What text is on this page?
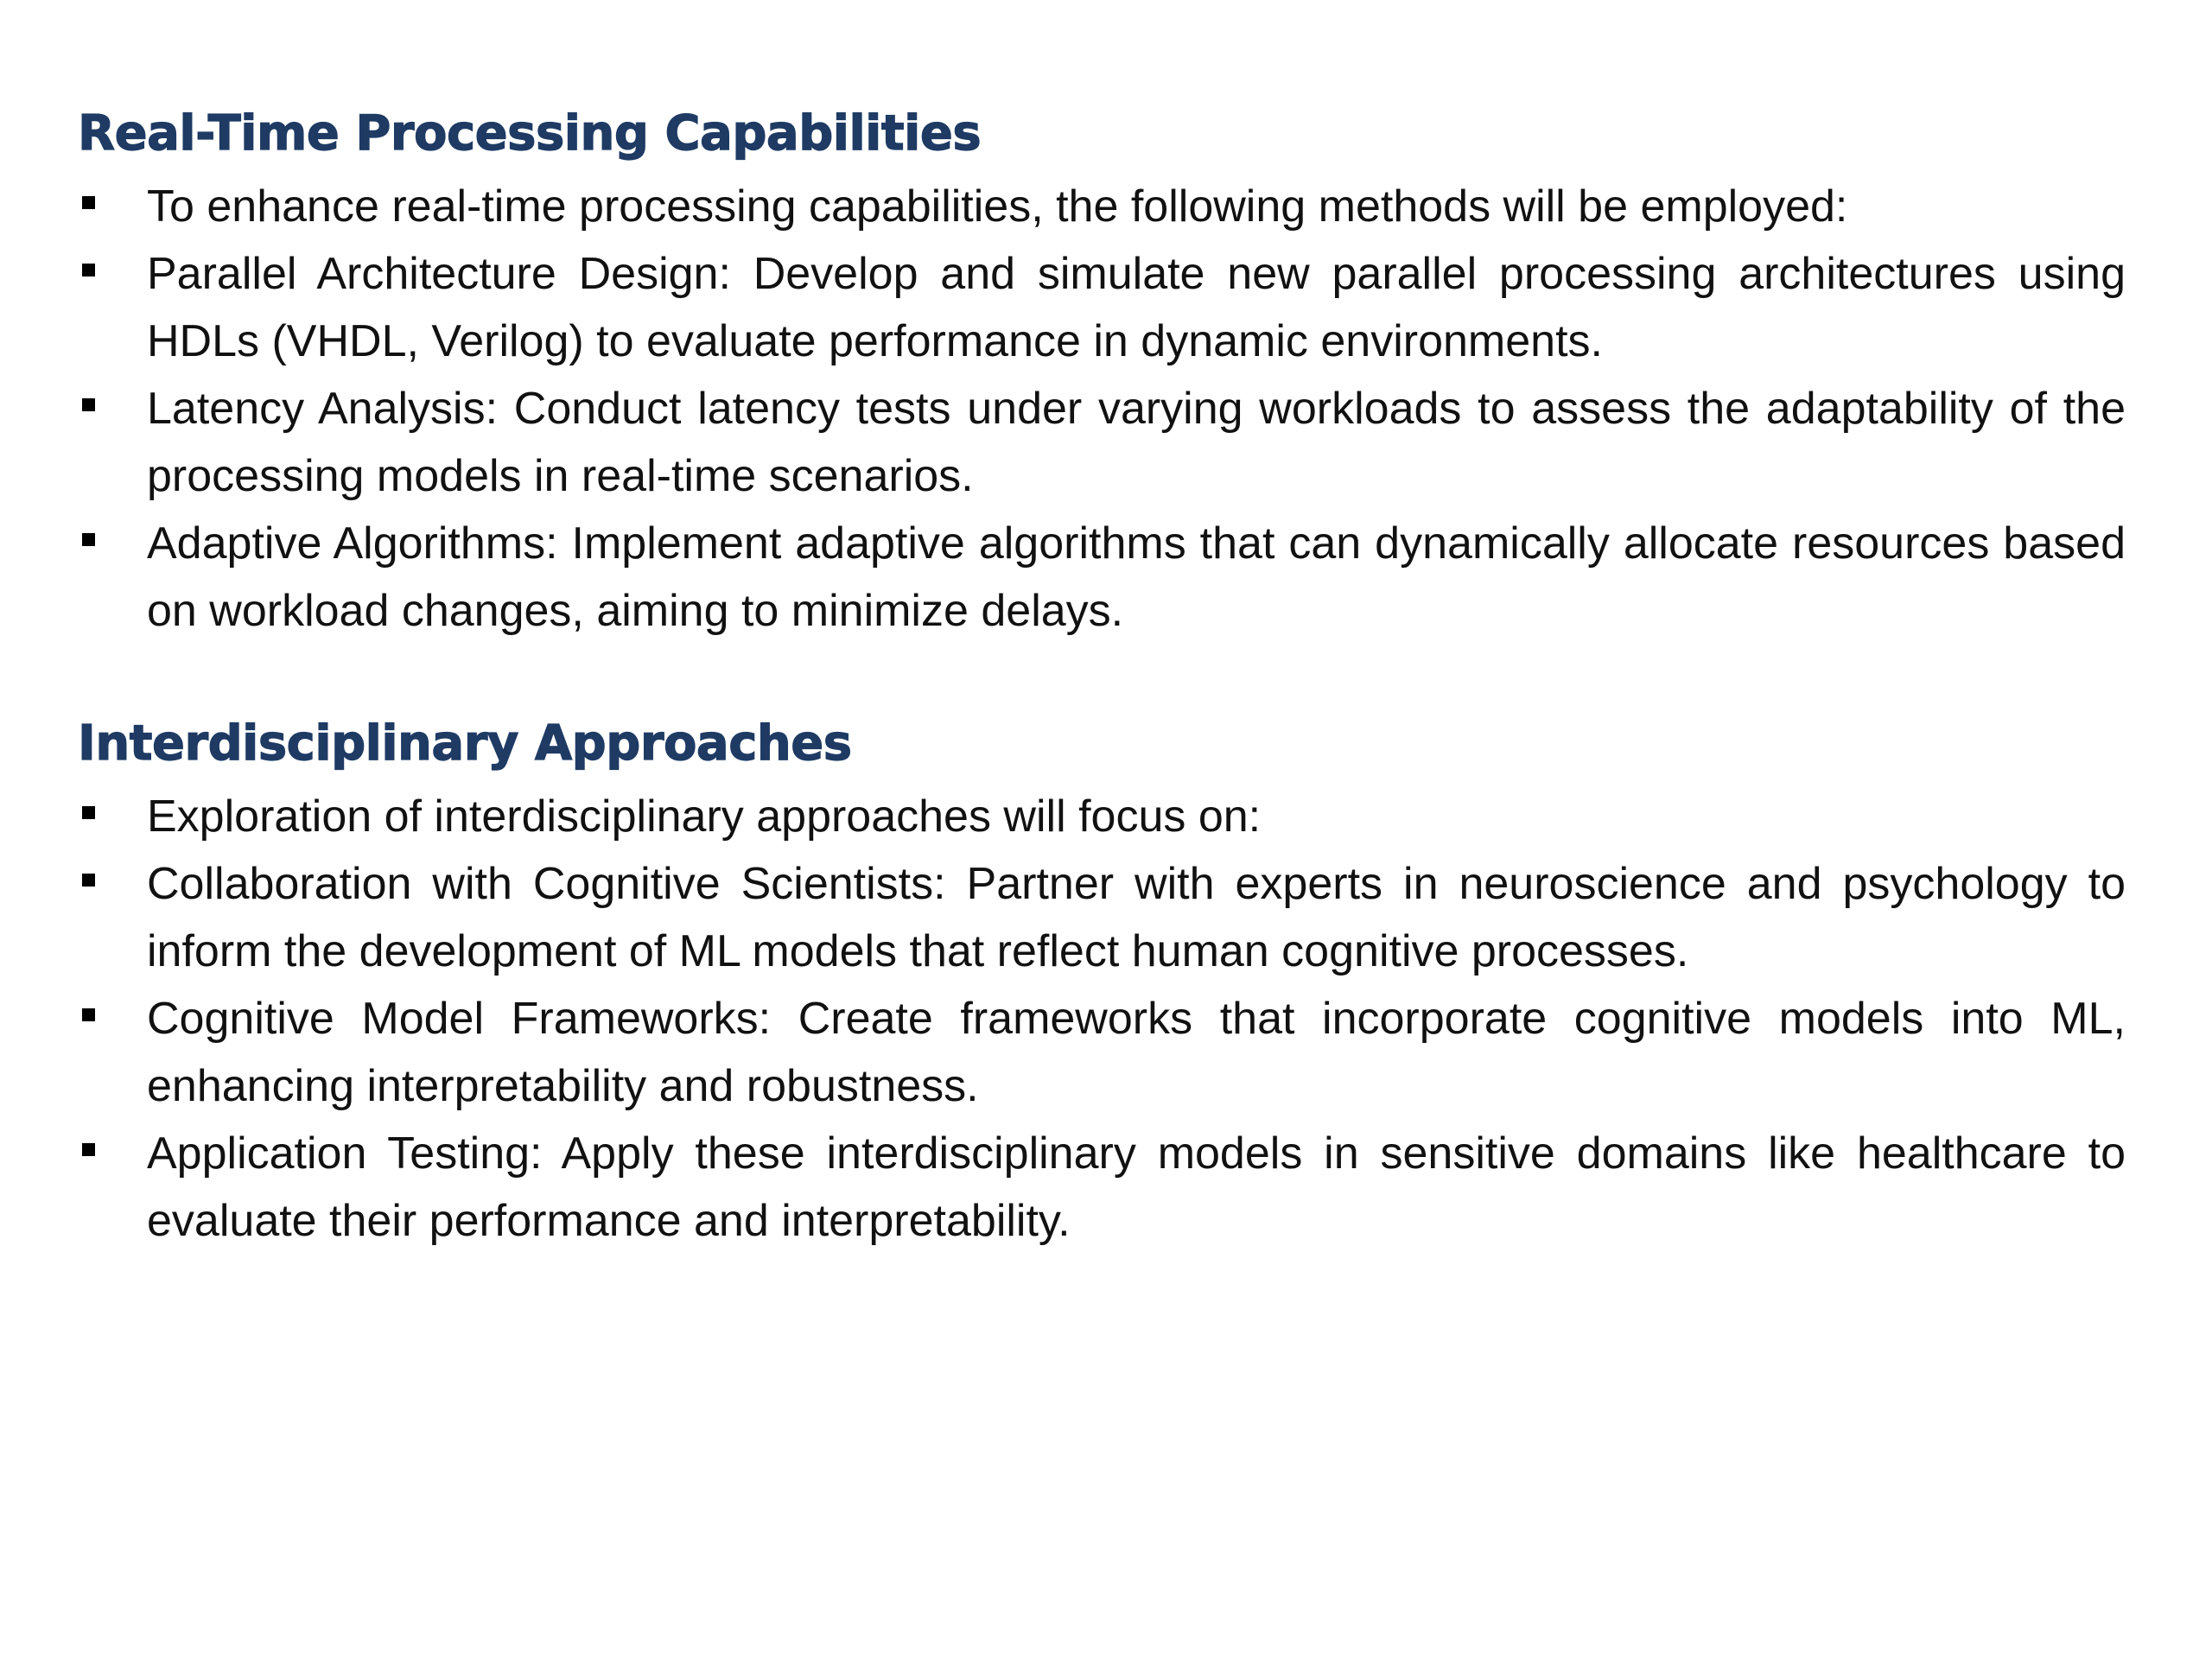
Real-Time Processing Capabilities
To enhance real-time processing capabilities, the following methods will be employed:
Parallel Architecture Design: Develop and simulate new parallel processing architectures using HDLs (VHDL, Verilog) to evaluate performance in dynamic environments.
Latency Analysis: Conduct latency tests under varying workloads to assess the adaptability of the processing models in real-time scenarios.
Adaptive Algorithms: Implement adaptive algorithms that can dynamically allocate resources based on workload changes, aiming to minimize delays.
Interdisciplinary Approaches
Exploration of interdisciplinary approaches will focus on:
Collaboration with Cognitive Scientists: Partner with experts in neuroscience and psychology to inform the development of ML models that reflect human cognitive processes.
Cognitive Model Frameworks: Create frameworks that incorporate cognitive models into ML, enhancing interpretability and robustness.
Application Testing: Apply these interdisciplinary models in sensitive domains like healthcare to evaluate their performance and interpretability.
